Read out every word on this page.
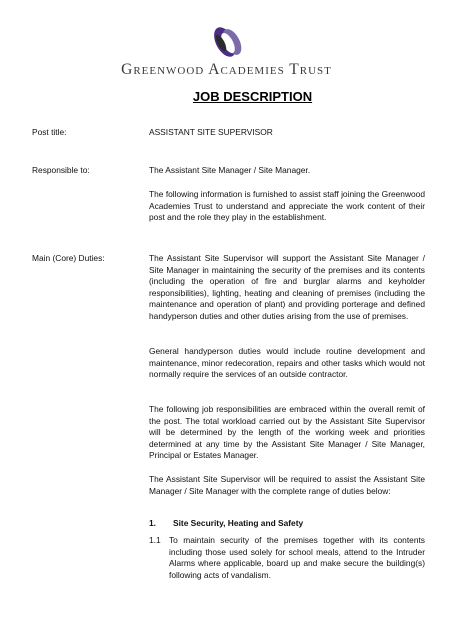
Greenwood Academies Trust
JOB DESCRIPTION
Post title:	ASSISTANT SITE SUPERVISOR
Responsible to:	The Assistant Site Manager / Site Manager.

The following information is furnished to assist staff joining the Greenwood Academies Trust to understand and appreciate the work content of their post and the role they play in the establishment.

Main (Core) Duties:	The Assistant Site Supervisor will support the Assistant Site Manager / Site Manager in maintaining the security of the premises and its contents (including the operation of fire and burglar alarms and keyholder responsibilities), lighting, heating and cleaning of premises (including the maintenance and operation of plant) and providing porterage and defined handyperson duties and other duties arising from the use of premises.

General handyperson duties would include routine development and maintenance, minor redecoration, repairs and other tasks which would not normally require the services of an outside contractor.

The following job responsibilities are embraced within the overall remit of the post. The total workload carried out by the Assistant Site Supervisor will be determined by the length of the working week and priorities determined at any time by the Assistant Site Manager / Site Manager, Principal or Estates Manager.

The Assistant Site Supervisor will be required to assist the Assistant Site Manager / Site Manager with the complete range of duties below:

1. Site Security, Heating and Safety
1.1 To maintain security of the premises together with its contents including those used solely for school meals, attend to the Intruder Alarms where applicable, board up and make secure the building(s) following acts of vandalism.
